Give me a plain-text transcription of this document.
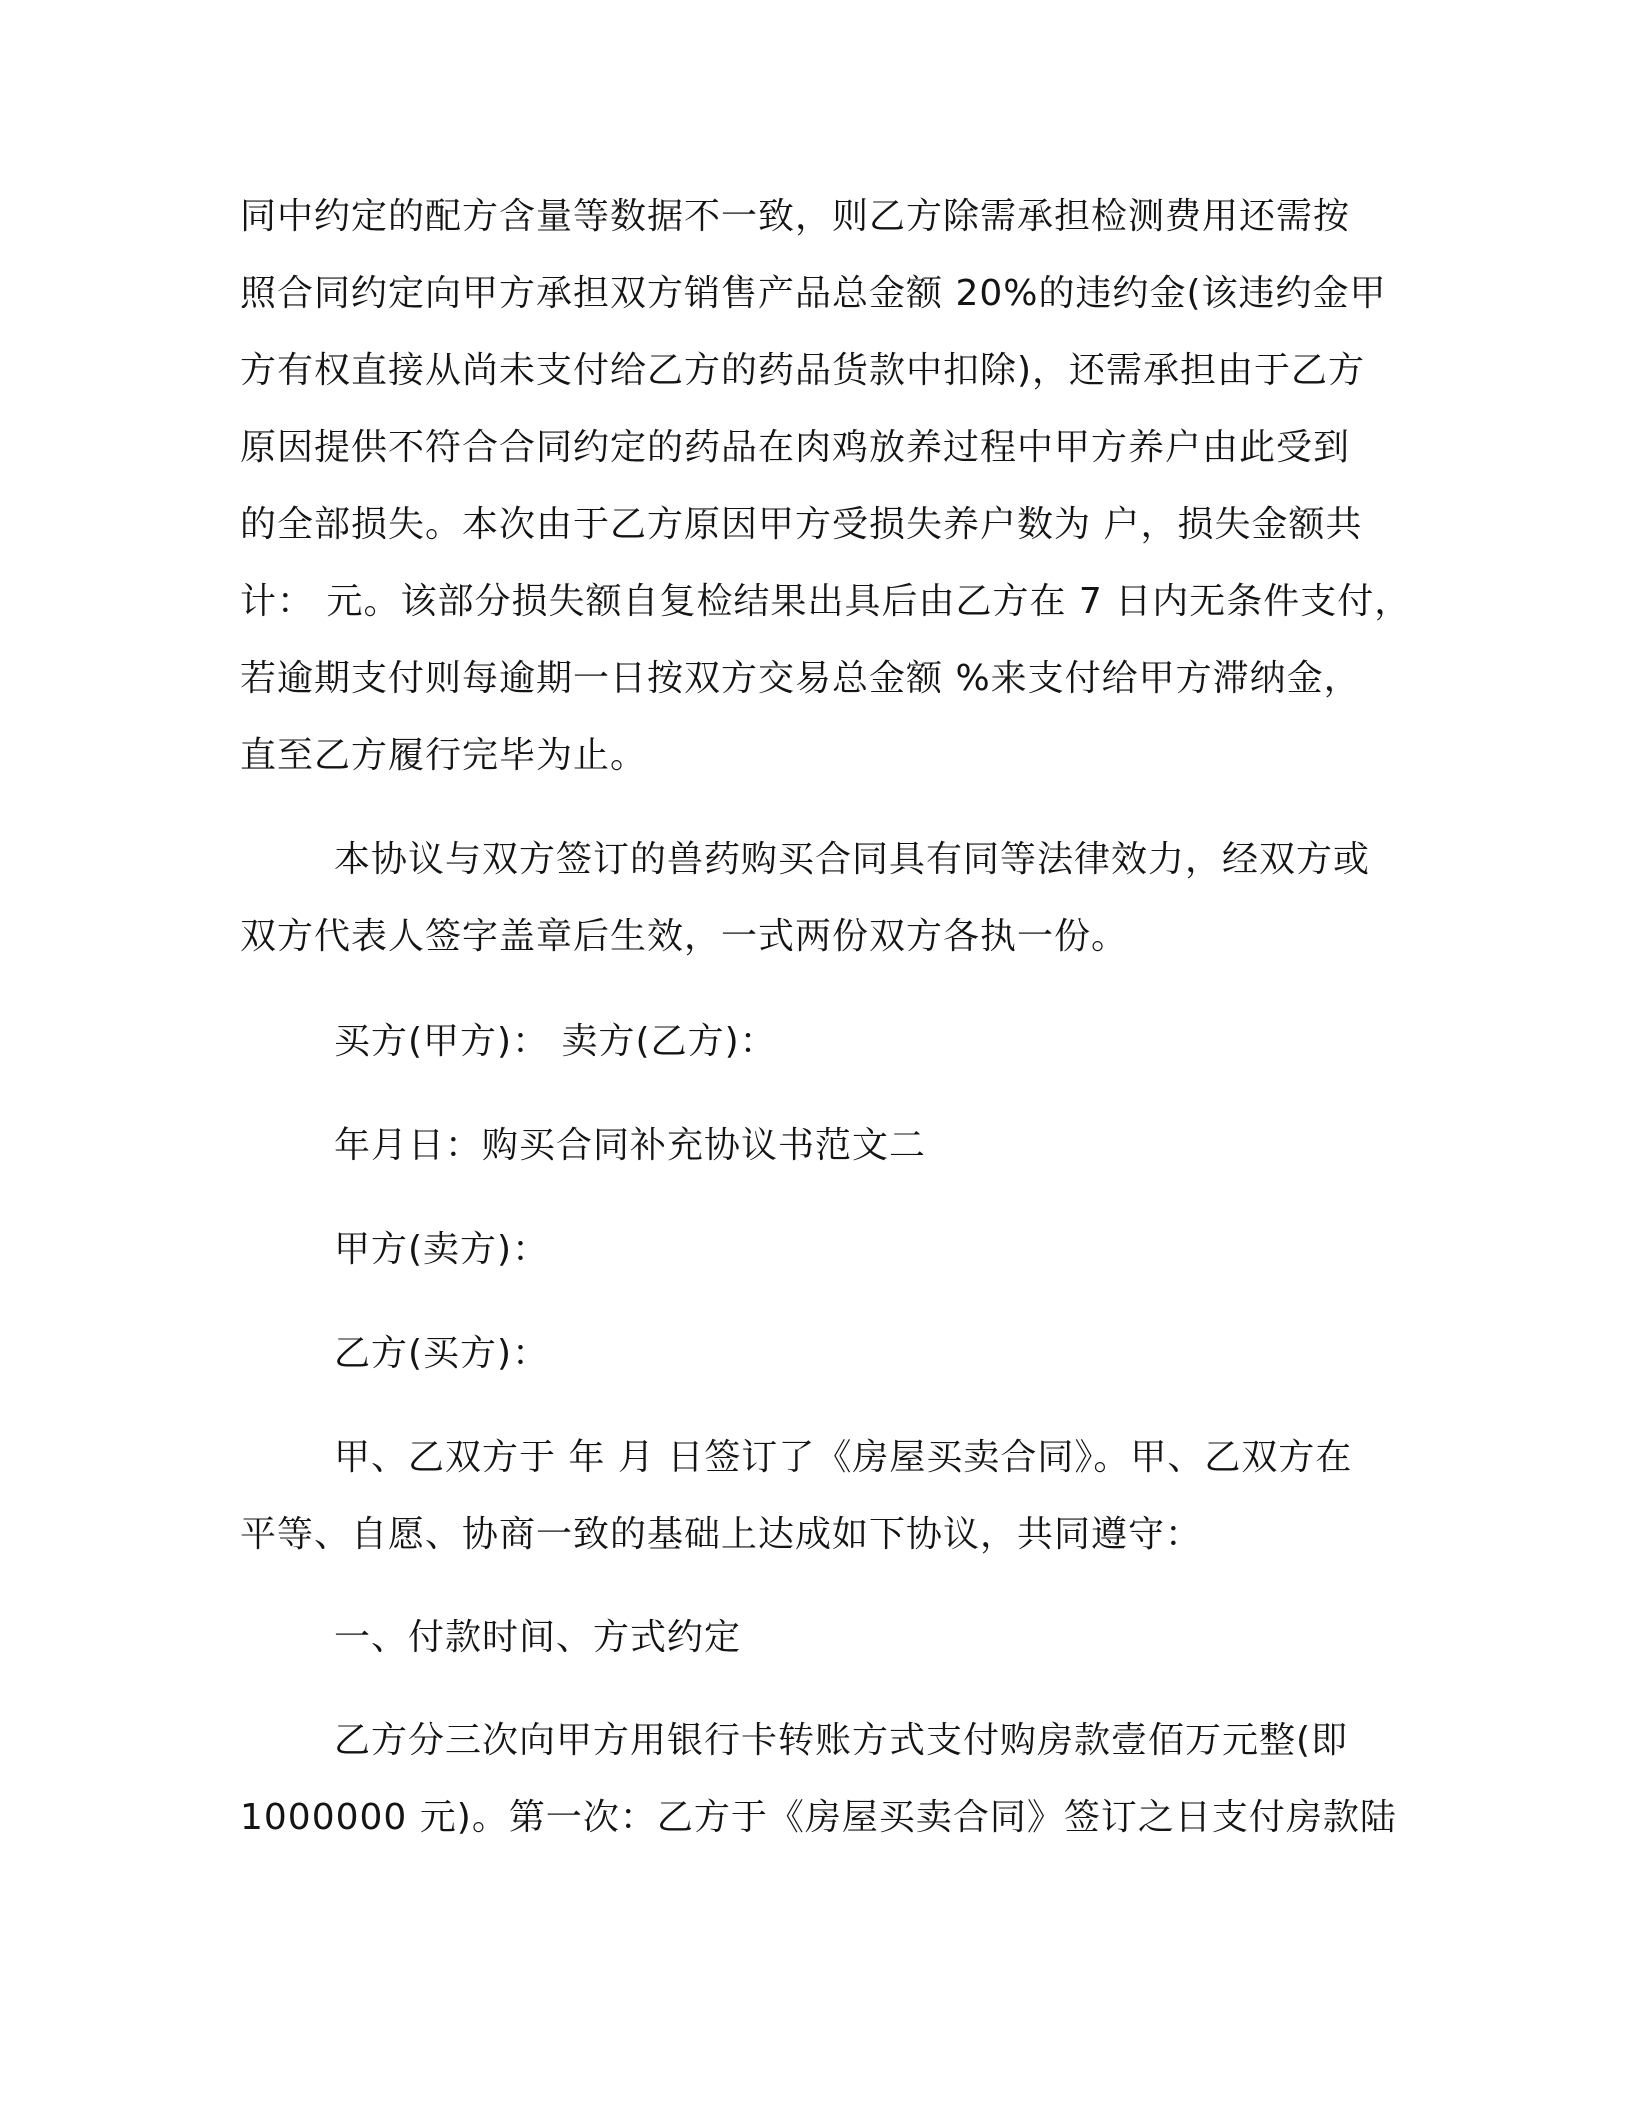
同中约定的配方含量等数据不一致，则乙方除需承担检测费用还需按
照合同约定向甲方承担双方销售产品总金额 20%的违约金(该违约金甲
方有权直接从尚未支付给乙方的药品货款中扣除)，还需承担由于乙方
原因提供不符合合同约定的药品在肉鸡放养过程中甲方养户由此受到
的全部损失。本次由于乙方原因甲方受损失养户数为 户，损失金额共
计： 元。该部分损失额自复检结果出具后由乙方在 7 日内无条件支付，
若逾期支付则每逾期一日按双方交易总金额 %来支付给甲方滞纳金，
直至乙方履行完毕为止。
本协议与双方签订的兽药购买合同具有同等法律效力，经双方或
双方代表人签字盖章后生效，一式两份双方各执一份。
买方(甲方)： 卖方(乙方)：
年月日：购买合同补充协议书范文二
甲方(卖方)：
乙方(买方)：
甲、乙双方于 年 月 日签订了《房屋买卖合同》。甲、乙双方在
平等、自愿、协商一致的基础上达成如下协议，共同遵守：
一、付款时间、方式约定
乙方分三次向甲方用银行卡转账方式支付购房款壹佰万元整(即
1000000 元)。第一次：乙方于《房屋买卖合同》签订之日支付房款陆
